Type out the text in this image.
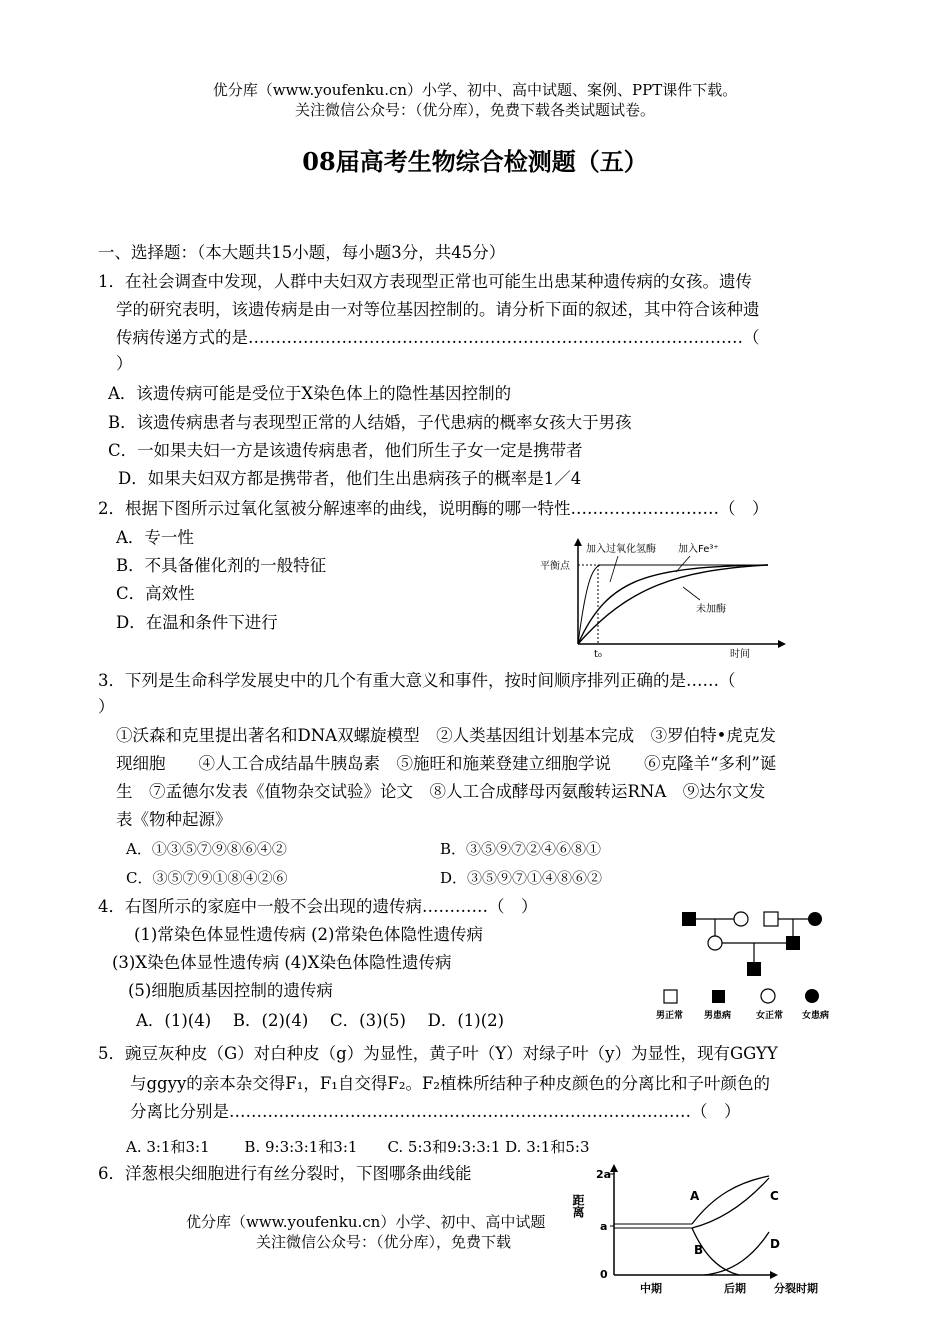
优分库（www.youfenku.cn）小学、初中、高中试题、案例、PPT课件下载。
关注微信公众号：（优分库），免费下载各类试题试卷。
08届高考生物综合检测题（五）
一、选择题：（本大题共15小题，每小题3分，共45分）
1．在社会调查中发现，人群中夫妇双方表现型正常也可能生出患某种遗传病的女孩。遗传
学的研究表明，该遗传病是由一对等位基因控制的。请分析下面的叙述，其中符合该种遗
传病传递方式的是………………………………………………………………………………（
）
A．该遗传病可能是受位于X染色体上的隐性基因控制的
B．该遗传病患者与表现型正常的人结婚，子代患病的概率女孩大于男孩
C．一如果夫妇一方是该遗传病患者，他们所生子女一定是携带者
D．如果夫妇双方都是携带者，他们生出患病孩子的概率是1／4
2．根据下图所示过氧化氢被分解速率的曲线，说明酶的哪一特性………………………（　）
A．专一性
B．不具备催化剂的一般特征
C．高效性
D．在温和条件下进行
加入过氧化氢酶 加入Fe³⁺
平衡点
未加酶
t₀	时间
3．下列是生命科学发展史中的几个有重大意义和事件，按时间顺序排列正确的是……（
）
①沃森和克里提出著名和DNA双螺旋模型　②人类基因组计划基本完成　③罗伯特•虎克发
现细胞　　④人工合成结晶牛胰岛素　⑤施旺和施莱登建立细胞学说　　⑥克隆羊“多利”诞
生　⑦孟德尔发表《值物杂交试验》论文　⑧人工合成酵母丙氨酸转运RNA　⑨达尔文发
表《物种起源》
A．①③⑤⑦⑨⑧⑥④②	B．③⑤⑨⑦②④⑥⑧①
C．③⑤⑦⑨①⑧④②⑥	D．③⑤⑨⑦①④⑧⑥②
4．右图所示的家庭中一般不会出现的遗传病…………（　）
(1)常染色体显性遗传病 (2)常染色体隐性遗传病
(3)X染色体显性遗传病 (4)X染色体隐性遗传病
(5)细胞质基因控制的遗传病
A．(1)(4)　 B．(2)(4)　 C．(3)(5)　 D．(1)(2)	男正常 男患病	女正常 女患病
5．豌豆灰种皮（G）对白种皮（g）为显性，黄子叶（Y）对绿子叶（y）为显性，现有GGYY
与ggyy的亲本杂交得F₁，F₁自交得F₂。F₂植株所结种子种皮颜色的分离比和子叶颜色的
分离比分别是…………………………………………………………………………（　）
A. 3:1和3:1　　 B. 9:3:3:1和3:1　　C. 5:3和9:3:3:1 D. 3:1和5:3
6．洋葱根尖细胞进行有丝分裂时，下图哪条曲线能
优分库（www.youfenku.cn）小学、初中、高中试题
关注微信公众号：（优分库），免费下载
距离
2a
a
0
A
B
C
D
中期	后期	分裂时期
